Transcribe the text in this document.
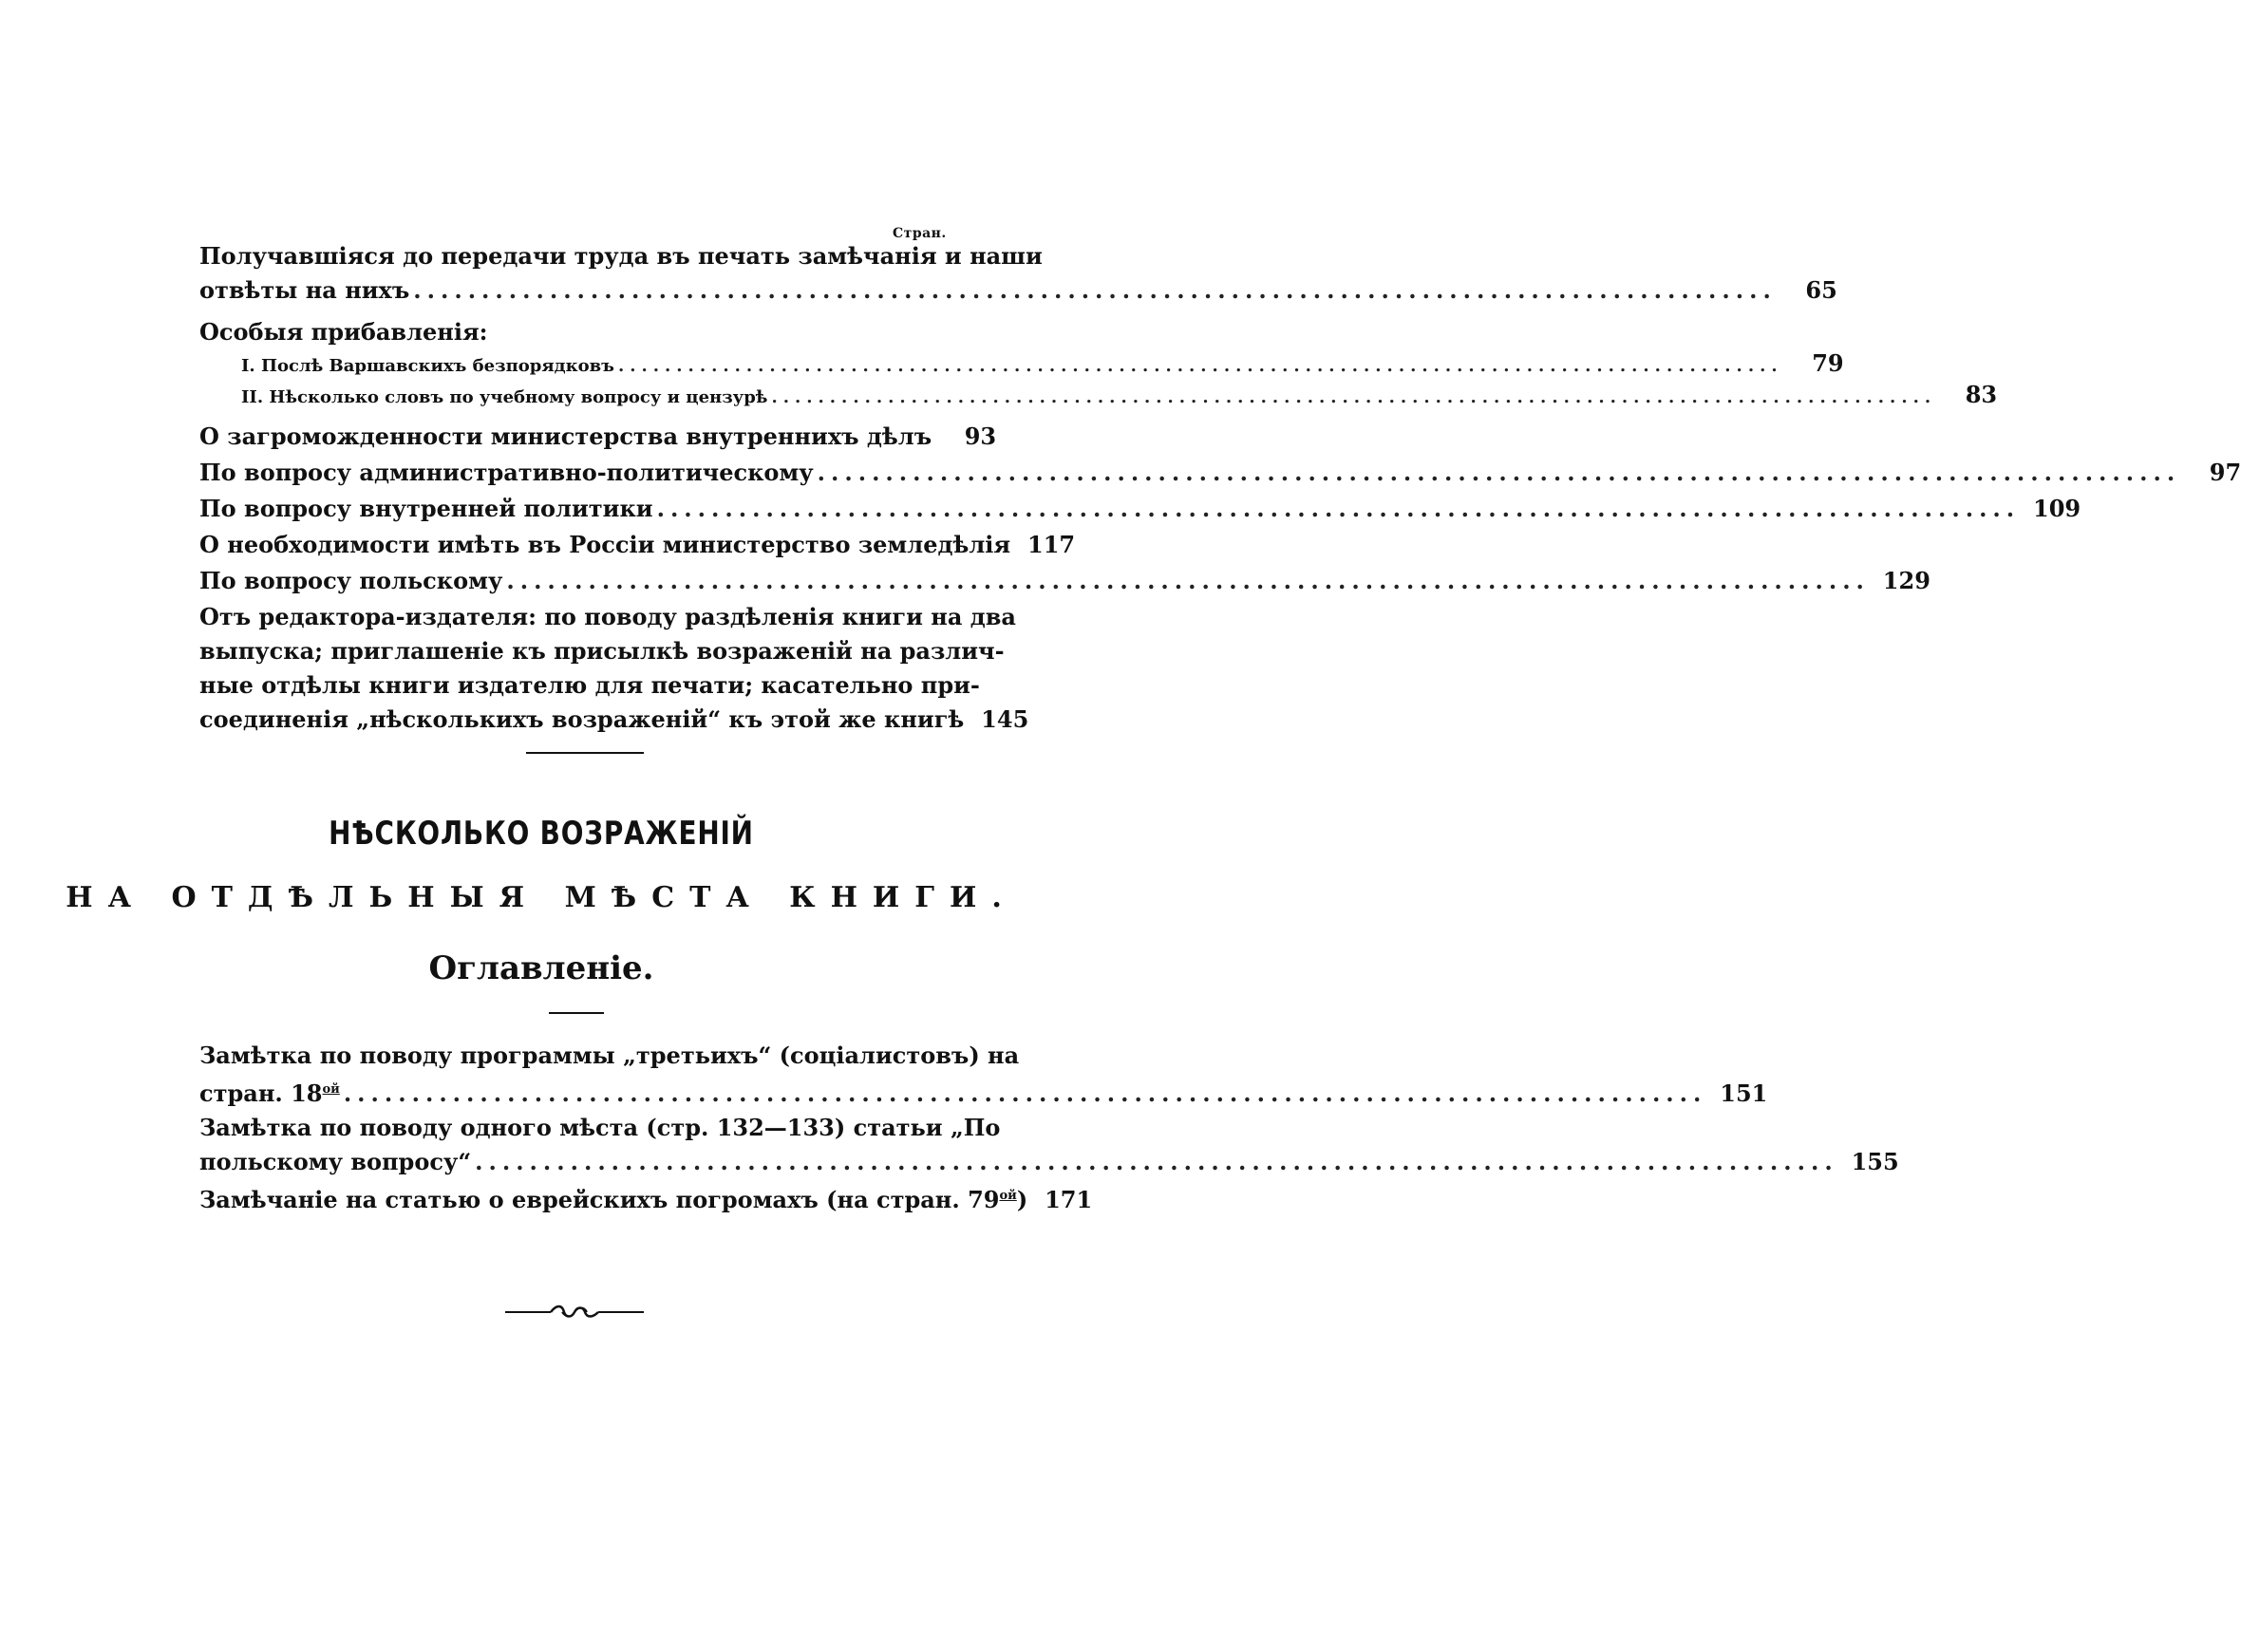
Стран.
Получавшіяся до передачи труда въ печать замѣчанія и наши
отвѣты на нихъ ....................................................................................................	65
Особыя прибавленія:
I. Послѣ Варшавскихъ безпорядковъ ....................................................................................................	79
II. Нѣсколько словъ по учебному вопросу и цензурѣ ....................................................................................................	83
О загроможденности министерства внутреннихъ дѣлъ	93
По вопросу административно-политическому ....................................................................................................	97
По вопросу внутренней политики .................................................................................................... 109
О необходимости имѣть въ Россіи министерство земледѣлія 117
По вопросу польскому .................................................................................................... 129
Отъ редактора-издателя: по поводу раздѣленія книги на два
выпуска; приглашеніе къ присылкѣ возраженій на различ-
ные отдѣлы книги издателю для печати; касательно при-
соединенія „нѣсколькихъ возраженій“ къ этой же книгѣ 145
НѢСКОЛЬКО ВОЗРАЖЕНІЙ
НА ОТДѢЛЬНЫЯ МѢСТА КНИГИ.
Оглавленіе.
Замѣтка по поводу программы „третьихъ“ (соціалистовъ) на
стран. $18^{ой}$ .................................................................................................... 151
Замѣтка по поводу одного мѣста (стр. 132—133) статьи „По
польскому вопросу“ .................................................................................................... 155
Замѣчаніе на статью о еврейскихъ погромахъ (на стран. $79^{ой}$) 171
